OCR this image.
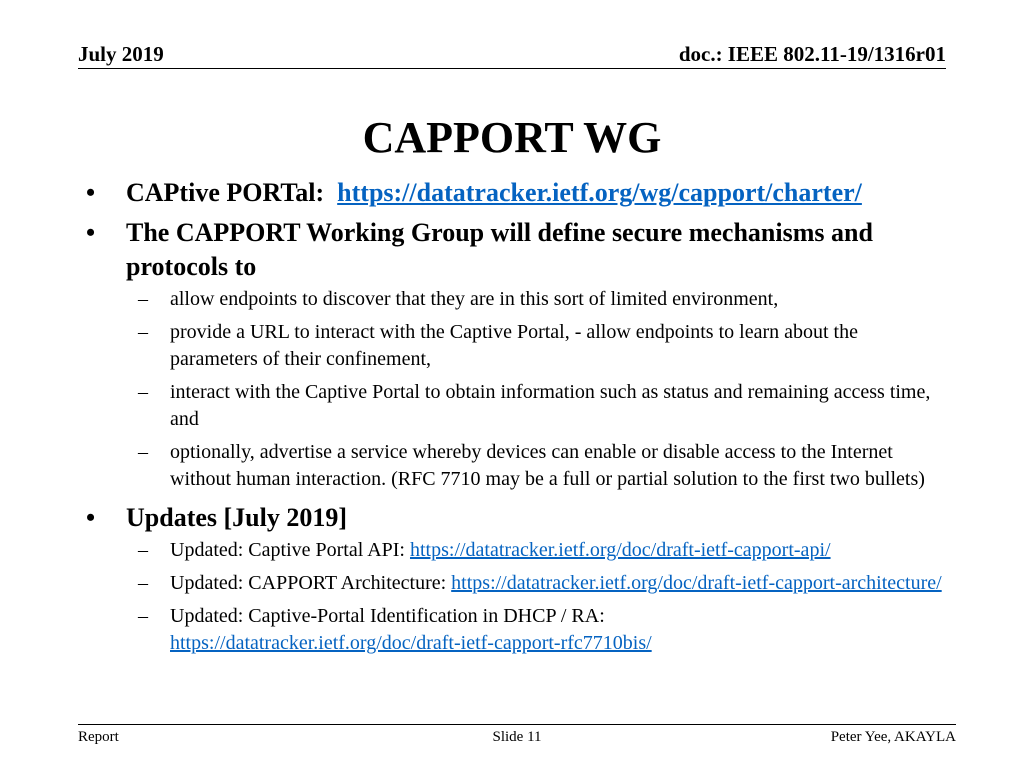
July 2019	doc.: IEEE 802.11-19/1316r01
CAPPORT WG
• CAPtive PORTal: https://datatracker.ietf.org/wg/capport/charter/
• The CAPPORT Working Group will define secure mechanisms and protocols to
– allow endpoints to discover that they are in this sort of limited environment,
– provide a URL to interact with the Captive Portal, - allow endpoints to learn about the parameters of their confinement,
– interact with the Captive Portal to obtain information such as status and remaining access time, and
– optionally, advertise a service whereby devices can enable or disable access to the Internet without human interaction. (RFC 7710 may be a full or partial solution to the first two bullets)
• Updates [July 2019]
– Updated: Captive Portal API: https://datatracker.ietf.org/doc/draft-ietf-capport-api/
– Updated: CAPPORT Architecture: https://datatracker.ietf.org/doc/draft-ietf-capport-architecture/
– Updated: Captive-Portal Identification in DHCP / RA:
https://datatracker.ietf.org/doc/draft-ietf-capport-rfc7710bis/
Report	Slide 11	Peter Yee, AKAYLA
